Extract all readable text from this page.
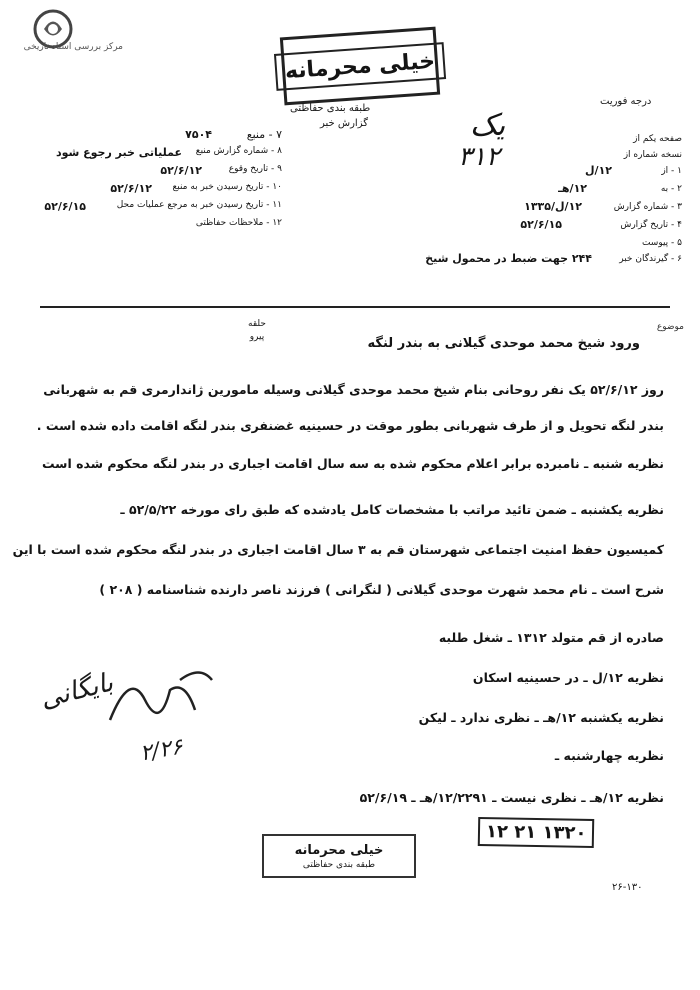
مرکز بررسی اسناد تاریخی
خیلی محرمانه
طبقه بندی حفاظتی
گزارش خبر
درجه فوریت
۷ - منبع
۷۵۰۴
۸ - شماره گزارش منبع
عملیاتی خبر رجوع شود
۹ - تاریخ وقوع
۵۲/۶/۱۲
۱۰ - تاریخ رسیدن خبر به منبع
۵۲/۶/۱۲
۱۱ - تاریخ رسیدن خبر به مرجع عملیات محل
۵۲/۶/۱۵
۱۲ - ملاحظات حفاظتی
صفحه یکم از
نسخه شماره از
۱ - از
۱۲/ل
۲ - به
۱۲/هـ
۳ - شماره گزارش
۱۲/ل/۱۳۳۵
۴ - تاریخ گزارش
۵۲/۶/۱۵
۵ - پیوست
۶ - گیرندگان خبر
۲۴۴ جهت ضبط در محمول شیخ
یک
۳۱۲
حلقه
پیرو
موضوع
ورود شیخ محمد موحدی گیلانی به بندر لنگه
روز ۵۲/۶/۱۲ یک نفر روحانی بنام شیخ محمد موحدی گیلانی وسیله مامورین ژاندارمری قم به شهربانی
بندر لنگه تحویل و از طرف شهربانی بطور موقت در حسینیه غضنفری بندر لنگه اقامت داده شده است .
نظریه شنبه ـ نامبرده برابر اعلام محکوم شده به سه سال اقامت اجباری در بندر لنگه محکوم شده است
نظریه یکشنبه ـ ضمن تائید مراتب با مشخصات کامل یادشده که طبق رای مورخه ۵۲/۵/۲۲ ـ
کمیسیون حفظ امنیت اجتماعی شهرستان قم به ۳ سال اقامت اجباری در بندر لنگه محکوم شده است با این
شرح است ـ نام محمد شهرت موحدی گیلانی ( لنگرانی ) فرزند ناصر دارنده شناسنامه ( ۲۰۸ )
صادره از قم متولد ۱۳۱۲ ـ شغل طلبه
نظریه ۱۲/ل ـ در حسینیه اسکان
نظریه یکشنبه ۱۲/هـ ـ نظری ندارد ـ لیکن
نظریه چهارشنبه ـ
نظریه ۱۲/هـ ـ نظری نیست ـ ۱۲/۲۲۹۱/هـ ـ ۵۲/۶/۱۹
بایگانی
۲/۲۶
خیلی محرمانه
طبقه بندی حفاظتی
۱۳۲۰ ۲۱ ۱۲
۲۶-۱۳۰
